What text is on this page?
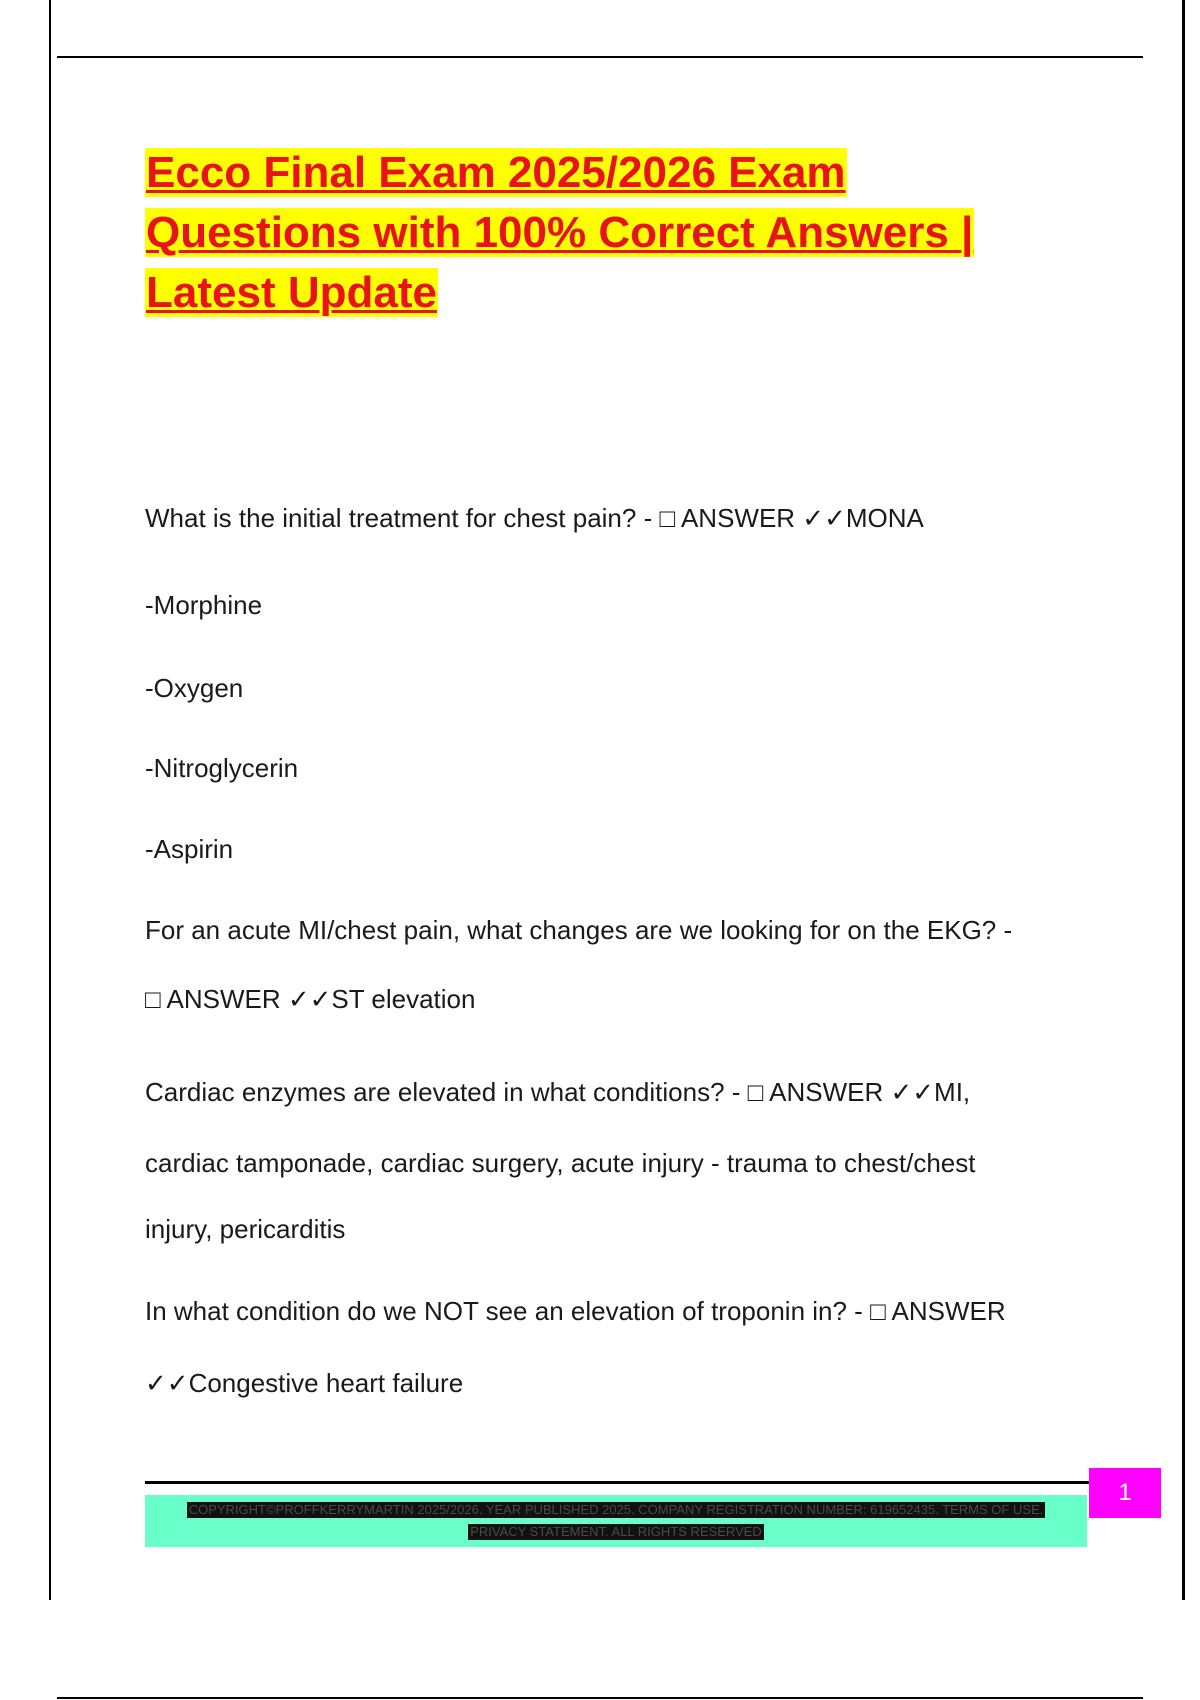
Ecco Final Exam 2025/2026 Exam
Questions with 100% Correct Answers |
Latest Update
What is the initial treatment for chest pain? - □ ANSWER ✓✓MONA
-Morphine
-Oxygen
-Nitroglycerin
-Aspirin
For an acute MI/chest pain, what changes are we looking for on the EKG? -
□ ANSWER ✓✓ST elevation
Cardiac enzymes are elevated in what conditions? - □ ANSWER ✓✓MI,
cardiac tamponade, cardiac surgery, acute injury - trauma to chest/chest
injury, pericarditis
In what condition do we NOT see an elevation of troponin in? - □ ANSWER
✓✓Congestive heart failure
COPYRIGHT©PROFFKERRYMARTIN 2025/2026. YEAR PUBLISHED 2025. COMPANY REGISTRATION NUMBER: 619652435. TERMS OF USE.
PRIVACY STATEMENT. ALL RIGHTS RESERVED
1
